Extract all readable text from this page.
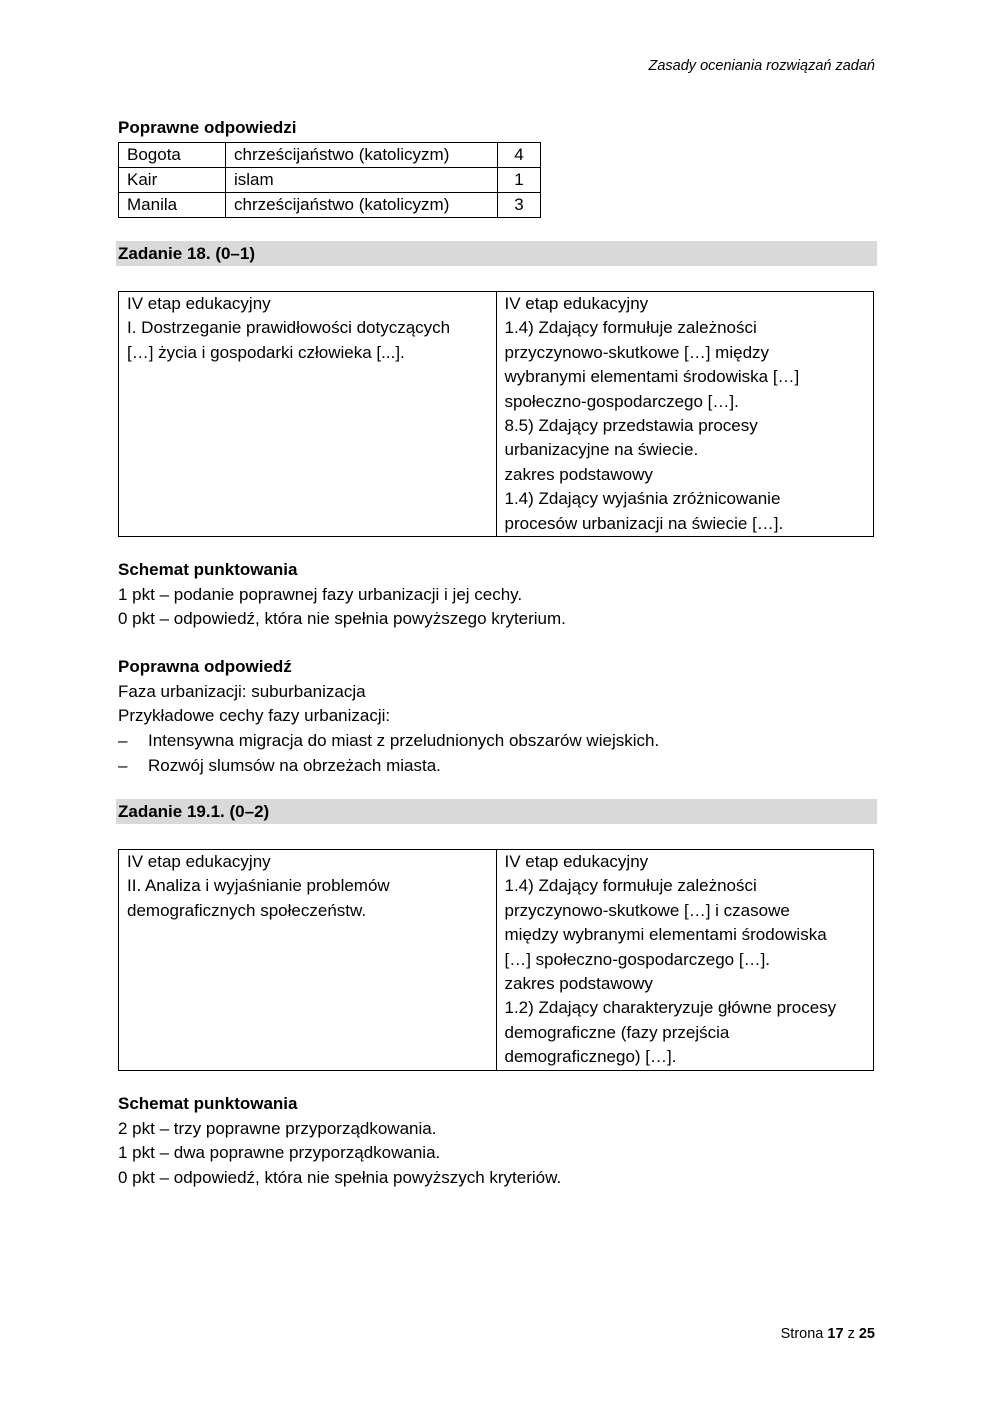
Zasady oceniania rozwiązań zadań
Poprawne odpowiedzi
Bogota	chrześcijaństwo (katolicyzm)	4
Kair	islam	1
Manila	chrześcijaństwo (katolicyzm)	3
Zadanie 18. (0–1)
IV etap edukacyjny
I. Dostrzeganie prawidłowości dotyczących
[…] życia i gospodarki człowieka [...].

IV etap edukacyjny
1.4) Zdający formułuje zależności
przyczynowo-skutkowe […] między
wybranymi elementami środowiska […]
społeczno-gospodarczego […].
8.5) Zdający przedstawia procesy
urbanizacyjne na świecie.
zakres podstawowy
1.4) Zdający wyjaśnia zróżnicowanie
procesów urbanizacji na świecie […].
Schemat punktowania
1 pkt – podanie poprawnej fazy urbanizacji i jej cechy.
0 pkt – odpowiedź, która nie spełnia powyższego kryterium.
Poprawna odpowiedź
Faza urbanizacji: suburbanizacja
Przykładowe cechy fazy urbanizacji:
– Intensywna migracja do miast z przeludnionych obszarów wiejskich.
– Rozwój slumsów na obrzeżach miasta.
Zadanie 19.1. (0–2)
IV etap edukacyjny
II. Analiza i wyjaśnianie problemów
demograficznych społeczeństw.

IV etap edukacyjny
1.4) Zdający formułuje zależności
przyczynowo-skutkowe […] i czasowe
między wybranymi elementami środowiska
[…] społeczno-gospodarczego […].
zakres podstawowy
1.2) Zdający charakteryzuje główne procesy
demograficzne (fazy przejścia
demograficznego) […].
Schemat punktowania
2 pkt – trzy poprawne przyporządkowania.
1 pkt – dwa poprawne przyporządkowania.
0 pkt – odpowiedź, która nie spełnia powyższych kryteriów.
Strona 17 z 25
